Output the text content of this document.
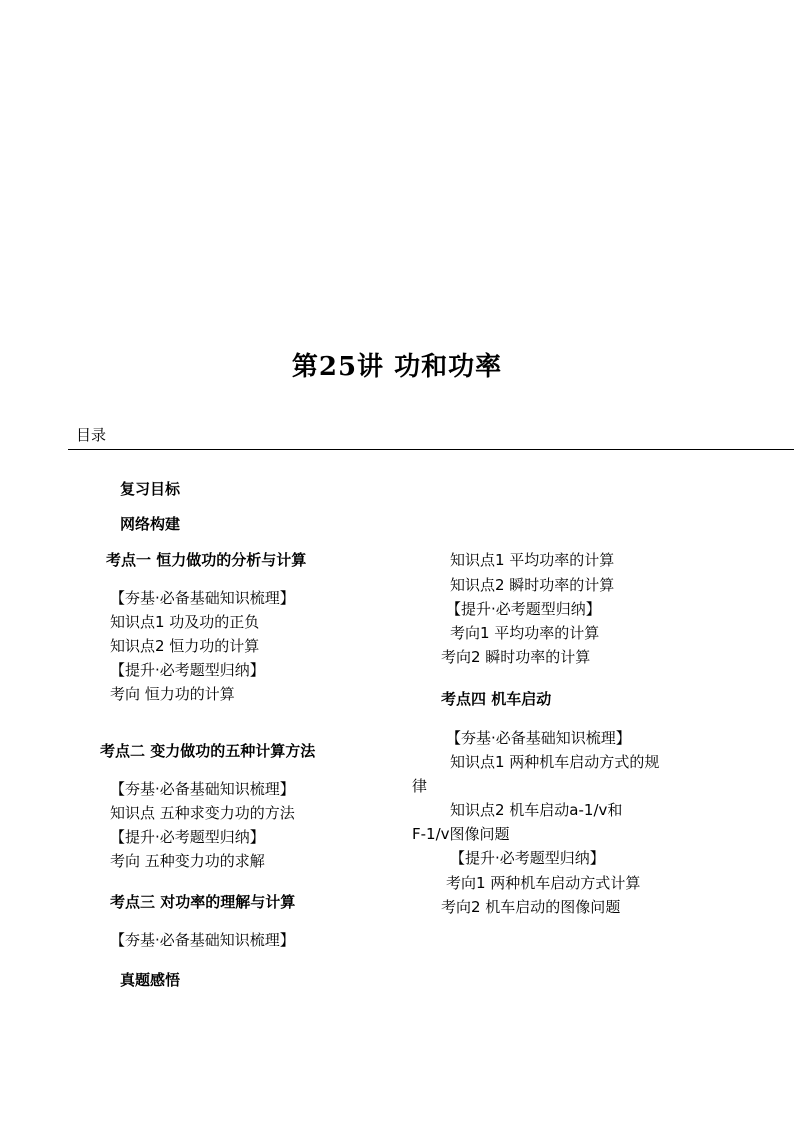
第25讲 功和功率
目录
复习目标
网络构建
考点一 恒力做功的分析与计算
【夯基·必备基础知识梳理】
知识点1 功及功的正负
知识点2 恒力功的计算
【提升·必考题型归纳】
考向 恒力功的计算
考点二 变力做功的五种计算方法
【夯基·必备基础知识梳理】
知识点 五种求变力功的方法
【提升·必考题型归纳】
考向 五种变力功的求解
考点三 对功率的理解与计算
【夯基·必备基础知识梳理】
真题感悟
知识点1 平均功率的计算
知识点2 瞬时功率的计算
【提升·必考题型归纳】
考向1 平均功率的计算
考向2 瞬时功率的计算
考点四 机车启动
【夯基·必备基础知识梳理】
知识点1 两种机车启动方式的规
律
知识点2 机车启动a-1/v和
F-1/v图像问题
【提升·必考题型归纳】
考向1 两种机车启动方式计算
考向2 机车启动的图像问题
